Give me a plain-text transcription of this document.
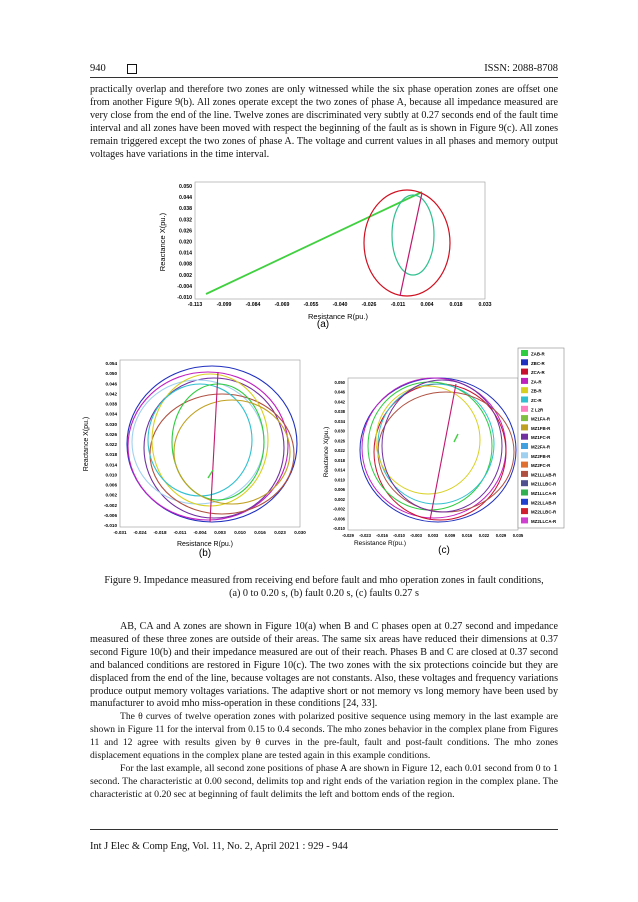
940	ISSN: 2088-8708

practically overlap and therefore two zones are only witnessed while the six phase operation zones are offset one from another Figure 9(b). All zones operate except the two zones of phase A, because all impedance measured are very close from the end of the line. Twelve zones are discriminated very subtly at 0.27 seconds end of the fault time interval and all zones have been moved with respect the beginning of the fault as is shown in Figure 9(c). All zones remain triggered except the two zones of phase A. The voltage and current values in all phases and memory output voltages have variations in the time interval.

0.050
0.044
0.038
0.032
0.026
0.020
0.014
0.008
0.002
-0.004
-0.010
-0.113	-0.099	-0.084	-0.069	-0.055	-0.040	-0.026	-0.011	0.004	0.018	0.033
Resistance R(pu.)
Reactance X(pu.)
(a)
0.054
0.050
0.046
0.042
0.038
0.034
0.030
0.026
0.022
0.018
0.014
0.010
0.006
0.002
-0.002
-0.006
-0.010
-0.031 -0.024 -0.018 -0.011 -0.004 0.003 0.010 0.016 0.023 0.030
Resistance R(pu.)
Reactance X(pu.)
(b)
0.050
0.046
0.042
0.038
0.034
0.030
0.026
0.022
0.018
0.014
0.010
0.006
0.002
-0.002
-0.006
-0.010
-0.029 -0.023 -0.016 -0.010 -0.003 0.003 0.009 0.016 0.022 0.029 0.035
Resistance R(pu.)
Reactance X(pu.)
ZAB-R
ZBC-R
ZCA-R
ZA-R
ZB-R
ZC-R
Z L2R
MZ1FA-R
MZ1FB-R
MZ1FC-R
MZ2FA-R
MZ2FB-R
MZ2FC-R
MZ1LLAB-R
MZ1LLBC-R
MZ1LLCA-R
MZ2LLAB-R
MZ2LLBC-R
MZ2LLCA-R
(c)
Figure 9. Impedance measured from receiving end before fault and mho operation zones in fault conditions,
(a) 0 to 0.20 s, (b) fault 0.20 s, (c) faults 0.27 s

AB, CA and A zones are shown in Figure 10(a) when B and C phases open at 0.27 second and impedance measured of these three zones are outside of their areas. The same six areas have reduced their dimensions at 0.37 second Figure 10(b) and their impedance measured are out of their reach. Phases B and C are closed at 0.37 second and balanced conditions are restored in Figure 10(c). The two zones with the six protections coincide but they are displaced from the end of the line, because voltages are not constants. Also, these voltages and frequency variations produce output memory voltages variations. The adaptive short or not memory vs long memory have been used by manufacturer to avoid mho miss-operation in these conditions [24, 33].

The θ curves of twelve operation zones with polarized positive sequence using memory in the last example are shown in Figure 11 for the interval from 0.15 to 0.4 seconds. The mho zones behavior in the complex plane from Figures 11 and 12 agree with results given by θ curves in the pre-fault, fault and post-fault conditions. The mho zones displacement equations in the complex plane are tested again in this example conditions.

For the last example, all second zone positions of phase A are shown in Figure 12, each 0.01 second from 0 to 1 second. The characteristic at 0.00 second, delimits top and right ends of the variation region in the complex plane. The characteristic at 0.20 sec at beginning of fault delimits the left and bottom ends of the region.

Int J Elec & Comp Eng, Vol. 11, No. 2, April 2021 : 929 - 944
